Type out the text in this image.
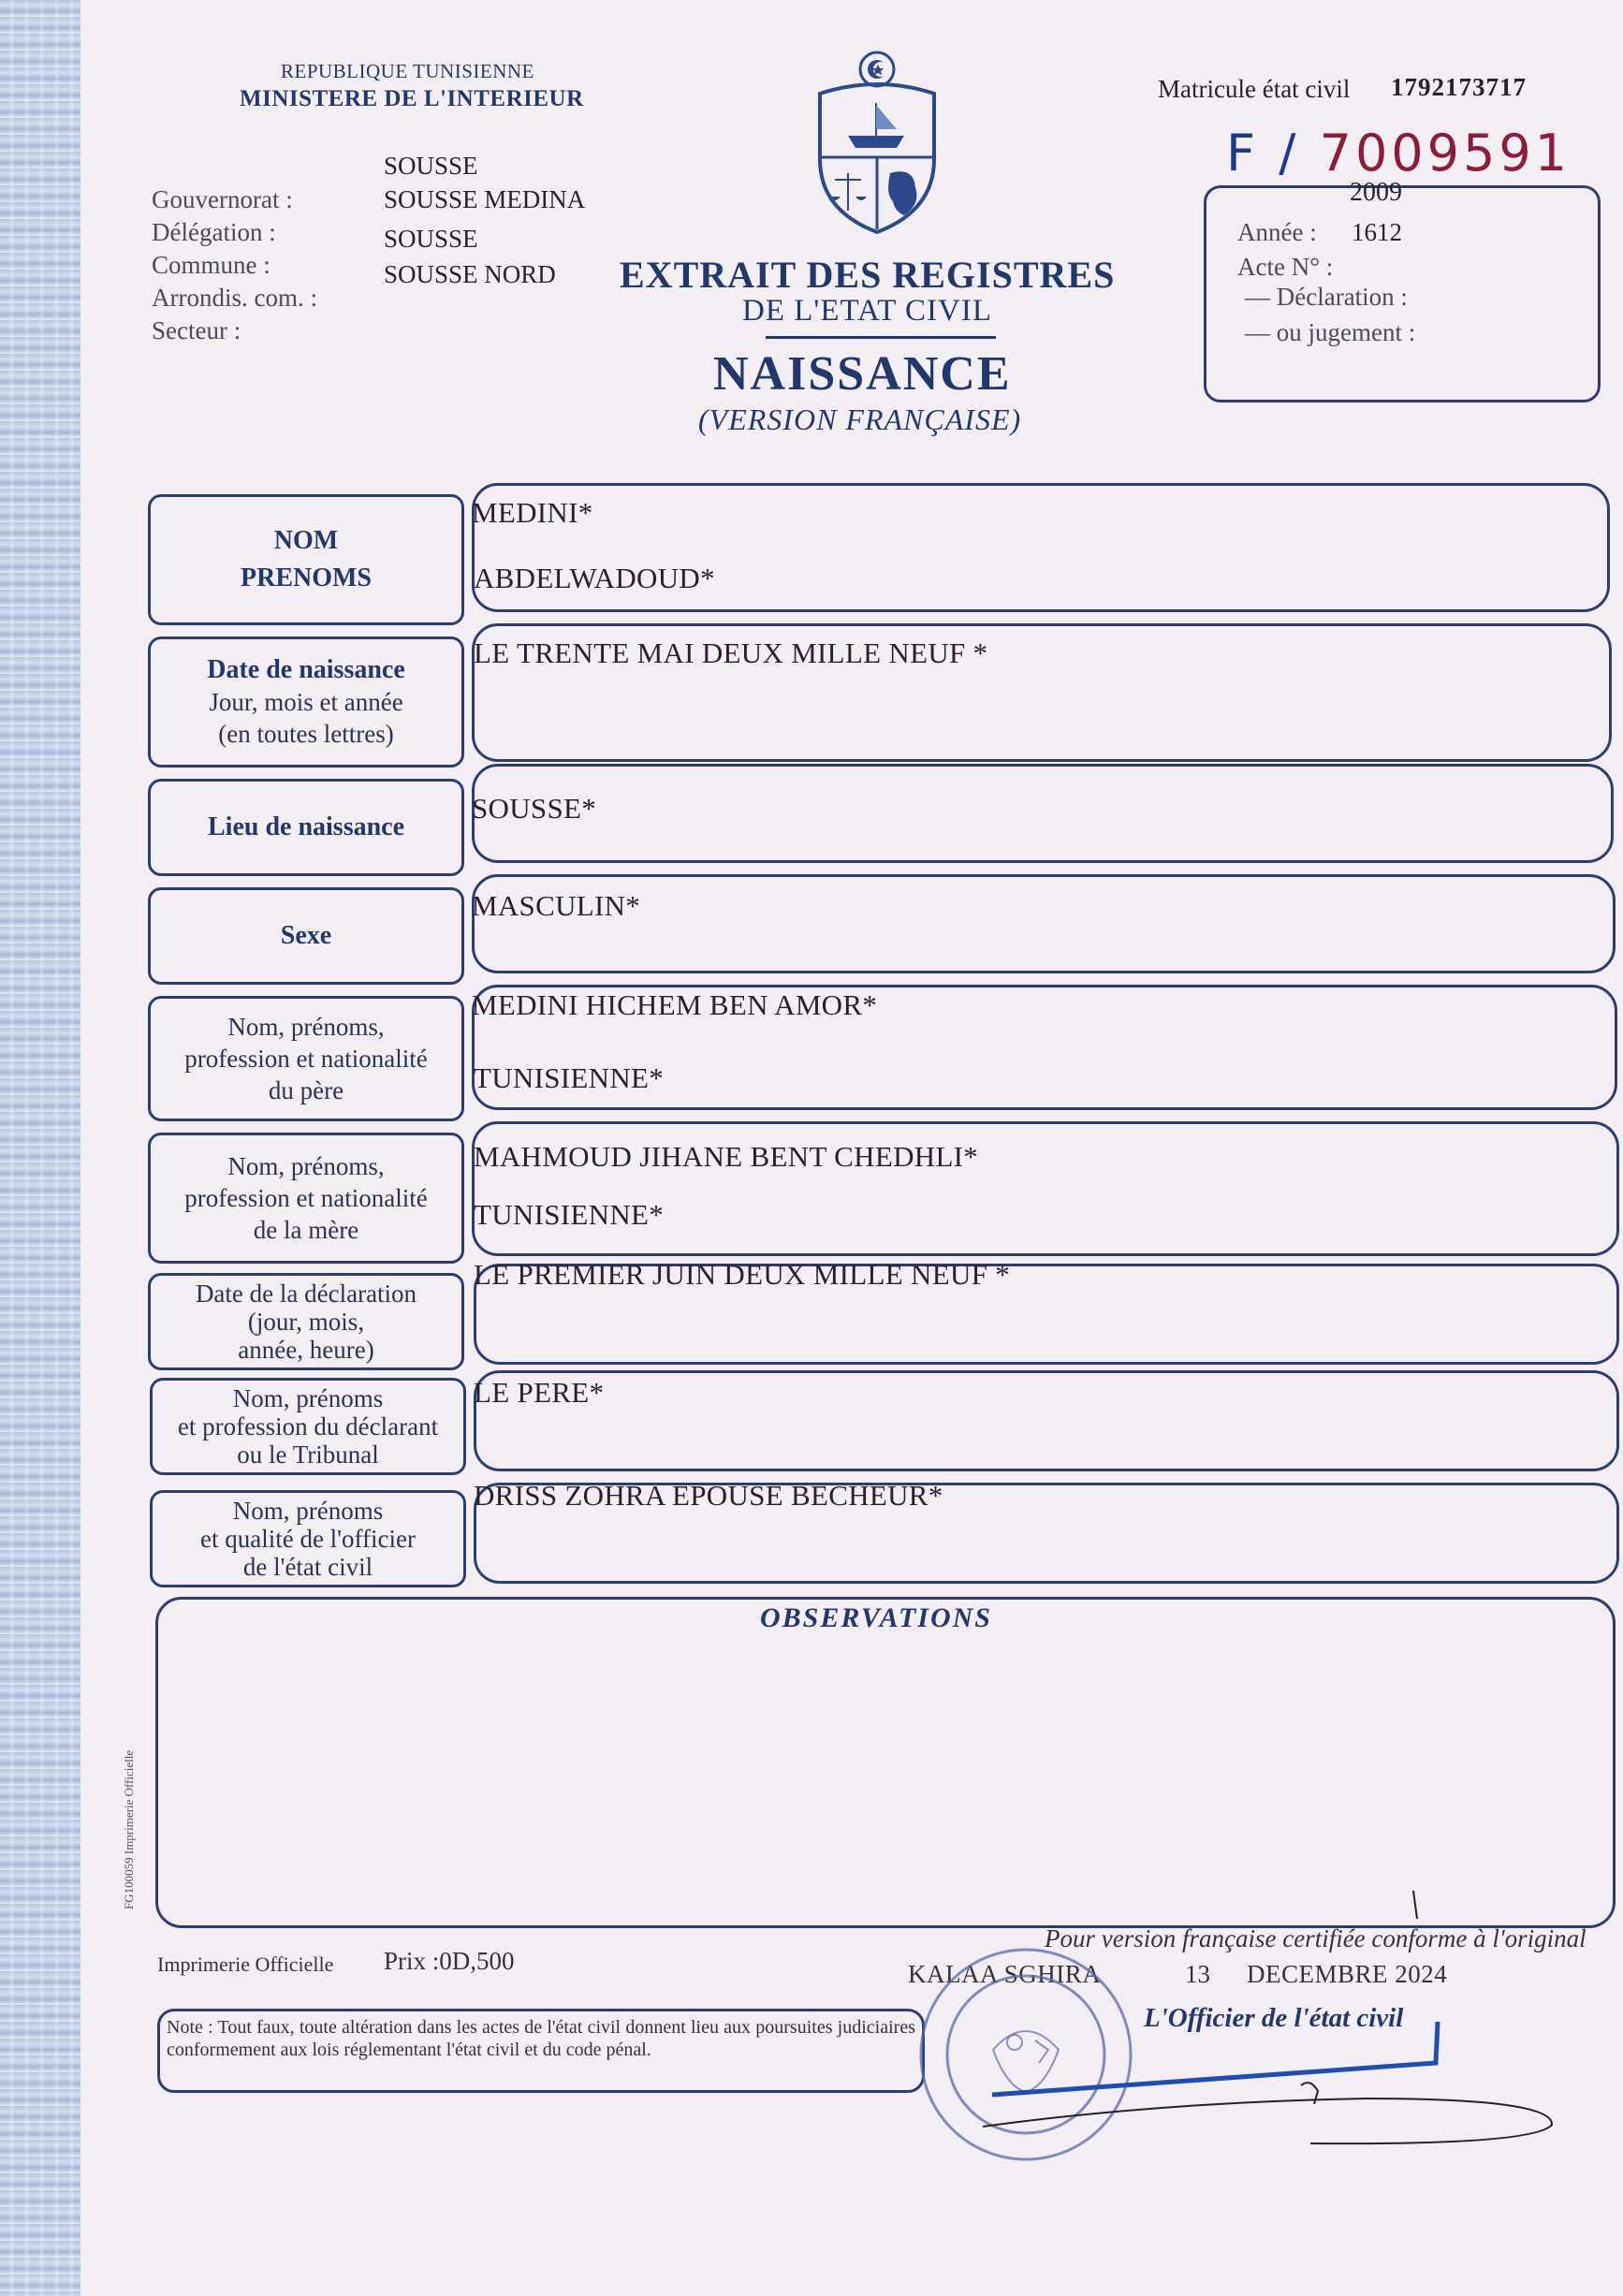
REPUBLIQUE TUNISIENNE
MINISTERE DE L'INTERIEUR	Matricule état civil 1792173717
F / 7009591
Gouvernorat :
Délégation :
Commune :
Arrondis. com. :
Secteur :
SOUSSE
SOUSSE MEDINA
SOUSSE
SOUSSE NORD EXTRAIT DES REGISTRES
DE L'ETAT CIVIL
NAISSANCE
(VERSION FRANÇAISE)
2009
Année : 1612
Acte N° :
— Déclaration :
— ou jugement :
NOM
PRENOMS
MEDINI*
ABDELWADOUD*
Date de naissance
Jour, mois et année
(en toutes lettres)
LE TRENTE MAI DEUX MILLE NEUF *
Lieu de naissance
SOUSSE*
Sexe
MASCULIN*
Nom, prénoms,
profession et nationalité
du père
MEDINI HICHEM BEN AMOR*
TUNISIENNE*
Nom, prénoms,
profession et nationalité
de la mère
MAHMOUD JIHANE BENT CHEDHLI*
TUNISIENNE*
Date de la déclaration
(jour, mois,
année, heure)
LE PREMIER JUIN DEUX MILLE NEUF *
Nom, prénoms
et profession du déclarant
ou le Tribunal
LE PERE*
Nom, prénoms
et qualité de l'officier
de l'état civil
DRISS ZOHRA EPOUSE BECHEUR*
OBSERVATIONS
FG100059 Imprimerie Officielle
Imprimerie Officielle Prix :0D,500
Note : Tout faux, toute altération dans les actes de l'état civil donnent lieu aux poursuites judiciaires conformement aux lois réglementant l'état civil et du code pénal.
Pour version française certifiée conforme à l'original
KALAA SGHIRA	13 DECEMBRE 2024
L'Officier de l'état civil
